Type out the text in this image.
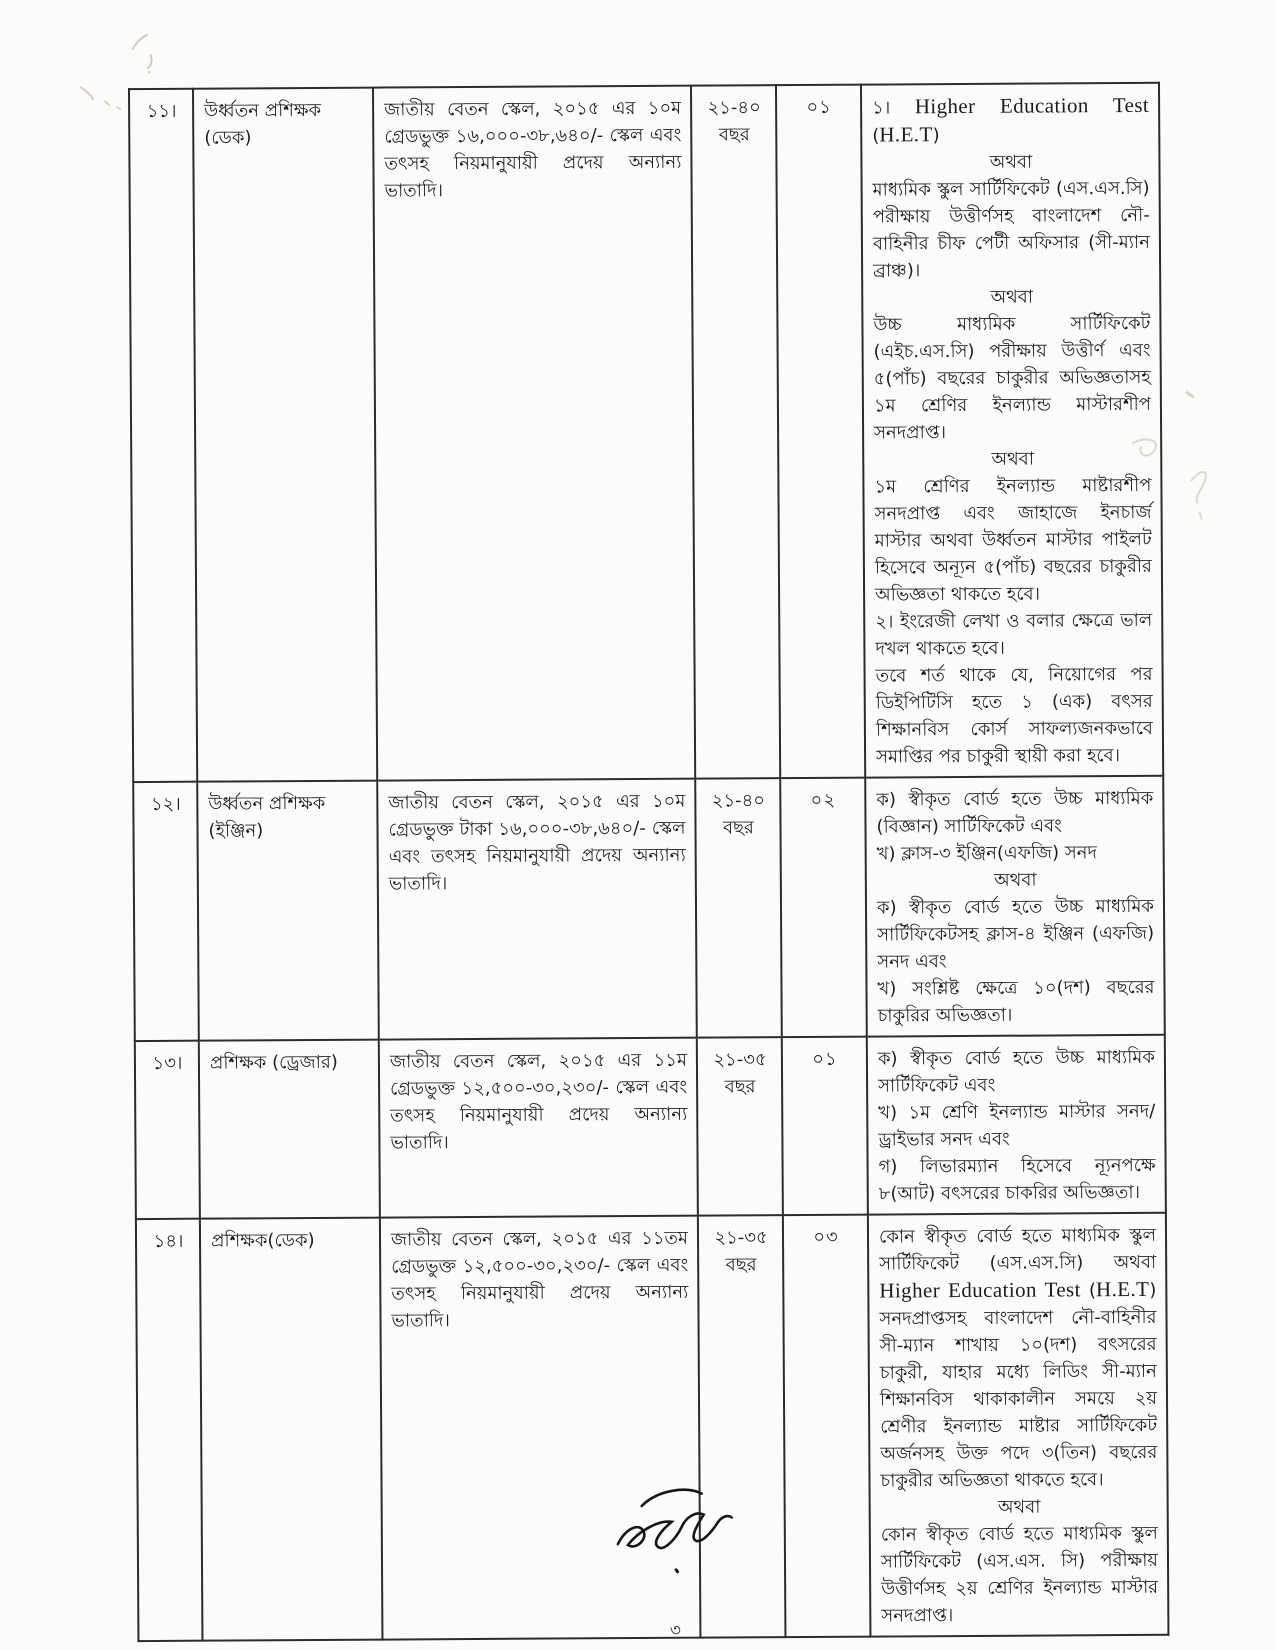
১১।	উর্ধ্বতন প্রশিক্ষক (ডেক)	জাতীয় বেতন স্কেল, ২০১৫ এর ১০ম গ্রেডভুক্ত ১৬,০০০-৩৮,৬৪০/- স্কেল এবং তৎসহ নিয়মানুযায়ী প্রদেয় অন্যান্য ভাতাদি।	২১-৪০ বছর	০১	১। Higher Education Test (H.E.T)
অথবা
মাধ্যমিক স্কুল সার্টিফিকেট (এস.এস.সি) পরীক্ষায় উত্তীর্ণসহ বাংলাদেশ নৌ-বাহিনীর চীফ পেটী অফিসার (সী-ম্যান ব্রাঞ্চ)।
অথবা
উচ্চ মাধ্যমিক সার্টিফিকেট (এইচ.এস.সি) পরীক্ষায় উত্তীর্ণ এবং ৫(পাঁচ) বছরের চাকুরীর অভিজ্ঞতাসহ ১ম শ্রেণির ইনল্যান্ড মাস্টারশীপ সনদপ্রাপ্ত।
অথবা
১ম শ্রেণির ইনল্যান্ড মাষ্টারশীপ সনদপ্রাপ্ত এবং জাহাজে ইনচার্জ মাস্টার অথবা উর্ধ্বতন মাস্টার পাইলট হিসেবে অন্যূন ৫(পাঁচ) বছরের চাকুরীর অভিজ্ঞতা থাকতে হবে।
২। ইংরেজী লেখা ও বলার ক্ষেত্রে ভাল দখল থাকতে হবে।
তবে শর্ত থাকে যে, নিয়োগের পর ডিইপিটিসি হতে ১ (এক) বৎসর শিক্ষানবিস কোর্স সাফল্যজনকভাবে সমাপ্তির পর চাকুরী স্থায়ী করা হবে।

১২।	উর্ধ্বতন প্রশিক্ষক (ইঞ্জিন)	জাতীয় বেতন স্কেল, ২০১৫ এর ১০ম গ্রেডভুক্ত টাকা ১৬,০০০-৩৮,৬৪০/- স্কেল এবং তৎসহ নিয়মানুযায়ী প্রদেয় অন্যান্য ভাতাদি।	২১-৪০ বছর	০২	ক) স্বীকৃত বোর্ড হতে উচ্চ মাধ্যমিক (বিজ্ঞান) সার্টিফিকেট এবং
খ) ক্লাস-৩ ইঞ্জিন(এফজি) সনদ
অথবা
ক) স্বীকৃত বোর্ড হতে উচ্চ মাধ্যমিক সার্টিফিকেটসহ ক্লাস-৪ ইঞ্জিন (এফজি) সনদ এবং
খ) সংশ্লিষ্ট ক্ষেত্রে ১০(দশ) বছরের চাকুরির অভিজ্ঞতা।

১৩।	প্রশিক্ষক (ড্রেজার)	জাতীয় বেতন স্কেল, ২০১৫ এর ১১ম গ্রেডভুক্ত ১২,৫০০-৩০,২৩০/- স্কেল এবং তৎসহ নিয়মানুযায়ী প্রদেয় অন্যান্য ভাতাদি।	২১-৩৫ বছর	০১	ক) স্বীকৃত বোর্ড হতে উচ্চ মাধ্যমিক সার্টিফিকেট এবং
খ) ১ম শ্রেণি ইনল্যান্ড মাস্টার সনদ/ড্রাইভার সনদ এবং
গ) লিভারম্যান হিসেবে ন্যূনপক্ষে ৮(আট) বৎসরের চাকরির অভিজ্ঞতা।

১৪।	প্রশিক্ষক(ডেক)	জাতীয় বেতন স্কেল, ২০১৫ এর ১১তম গ্রেডভুক্ত ১২,৫০০-৩০,২৩০/- স্কেল এবং তৎসহ নিয়মানুযায়ী প্রদেয় অন্যান্য ভাতাদি।	২১-৩৫ বছর	০৩	কোন স্বীকৃত বোর্ড হতে মাধ্যমিক স্কুল সার্টিফিকেট (এস.এস.সি) অথবা Higher Education Test (H.E.T) সনদপ্রাপ্তসহ বাংলাদেশ নৌ-বাহিনীর সী-ম্যান শাখায় ১০(দশ) বৎসরের চাকুরী, যাহার মধ্যে লিডিং সী-ম্যান শিক্ষানবিস থাকাকালীন সময়ে ২য় শ্রেণীর ইনল্যান্ড মাষ্টার সার্টিফিকেট অর্জনসহ উক্ত পদে ৩(তিন) বছরের চাকুরীর অভিজ্ঞতা থাকতে হবে।
অথবা
কোন স্বীকৃত বোর্ড হতে মাধ্যমিক স্কুল সার্টিফিকেট (এস.এস. সি) পরীক্ষায় উত্তীর্ণসহ ২য় শ্রেণির ইনল্যান্ড মাস্টার সনদপ্রাপ্ত।
৩
